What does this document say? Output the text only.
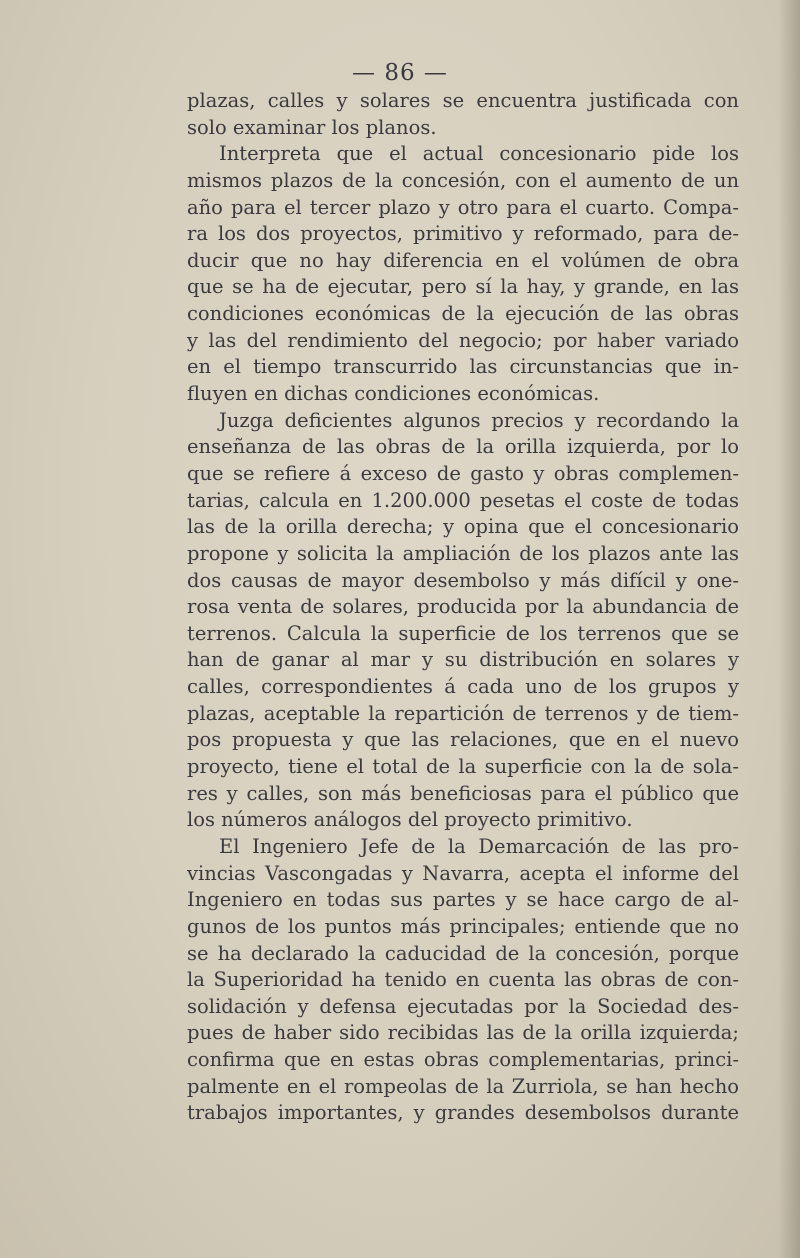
— 86 —
plazas, calles y solares se encuentra justificada con
solo examinar los planos.
Interpreta que el actual concesionario pide los
mismos plazos de la concesión, con el aumento de un
año para el tercer plazo y otro para el cuarto. Compa-
ra los dos proyectos, primitivo y reformado, para de-
ducir que no hay diferencia en el volúmen de obra
que se ha de ejecutar, pero sí la hay, y grande, en las
condiciones económicas de la ejecución de las obras
y las del rendimiento del negocio; por haber variado
en el tiempo transcurrido las circunstancias que in-
fluyen en dichas condiciones económicas.
Juzga deficientes algunos precios y recordando la
enseñanza de las obras de la orilla izquierda, por lo
que se refiere á exceso de gasto y obras complemen-
tarias, calcula en 1.200.000 pesetas el coste de todas
las de la orilla derecha; y opina que el concesionario
propone y solicita la ampliación de los plazos ante las
dos causas de mayor desembolso y más difícil y one-
rosa venta de solares, producida por la abundancia de
terrenos. Calcula la superficie de los terrenos que se
han de ganar al mar y su distribución en solares y
calles, correspondientes á cada uno de los grupos y
plazas, aceptable la repartición de terrenos y de tiem-
pos propuesta y que las relaciones, que en el nuevo
proyecto, tiene el total de la superficie con la de sola-
res y calles, son más beneficiosas para el público que
los números análogos del proyecto primitivo.
El Ingeniero Jefe de la Demarcación de las pro-
vincias Vascongadas y Navarra, acepta el informe del
Ingeniero en todas sus partes y se hace cargo de al-
gunos de los puntos más principales; entiende que no
se ha declarado la caducidad de la concesión, porque
la Superioridad ha tenido en cuenta las obras de con-
solidación y defensa ejecutadas por la Sociedad des-
pues de haber sido recibidas las de la orilla izquierda;
confirma que en estas obras complementarias, princi-
palmente en el rompeolas de la Zurriola, se han hecho
trabajos importantes, y grandes desembolsos durante
